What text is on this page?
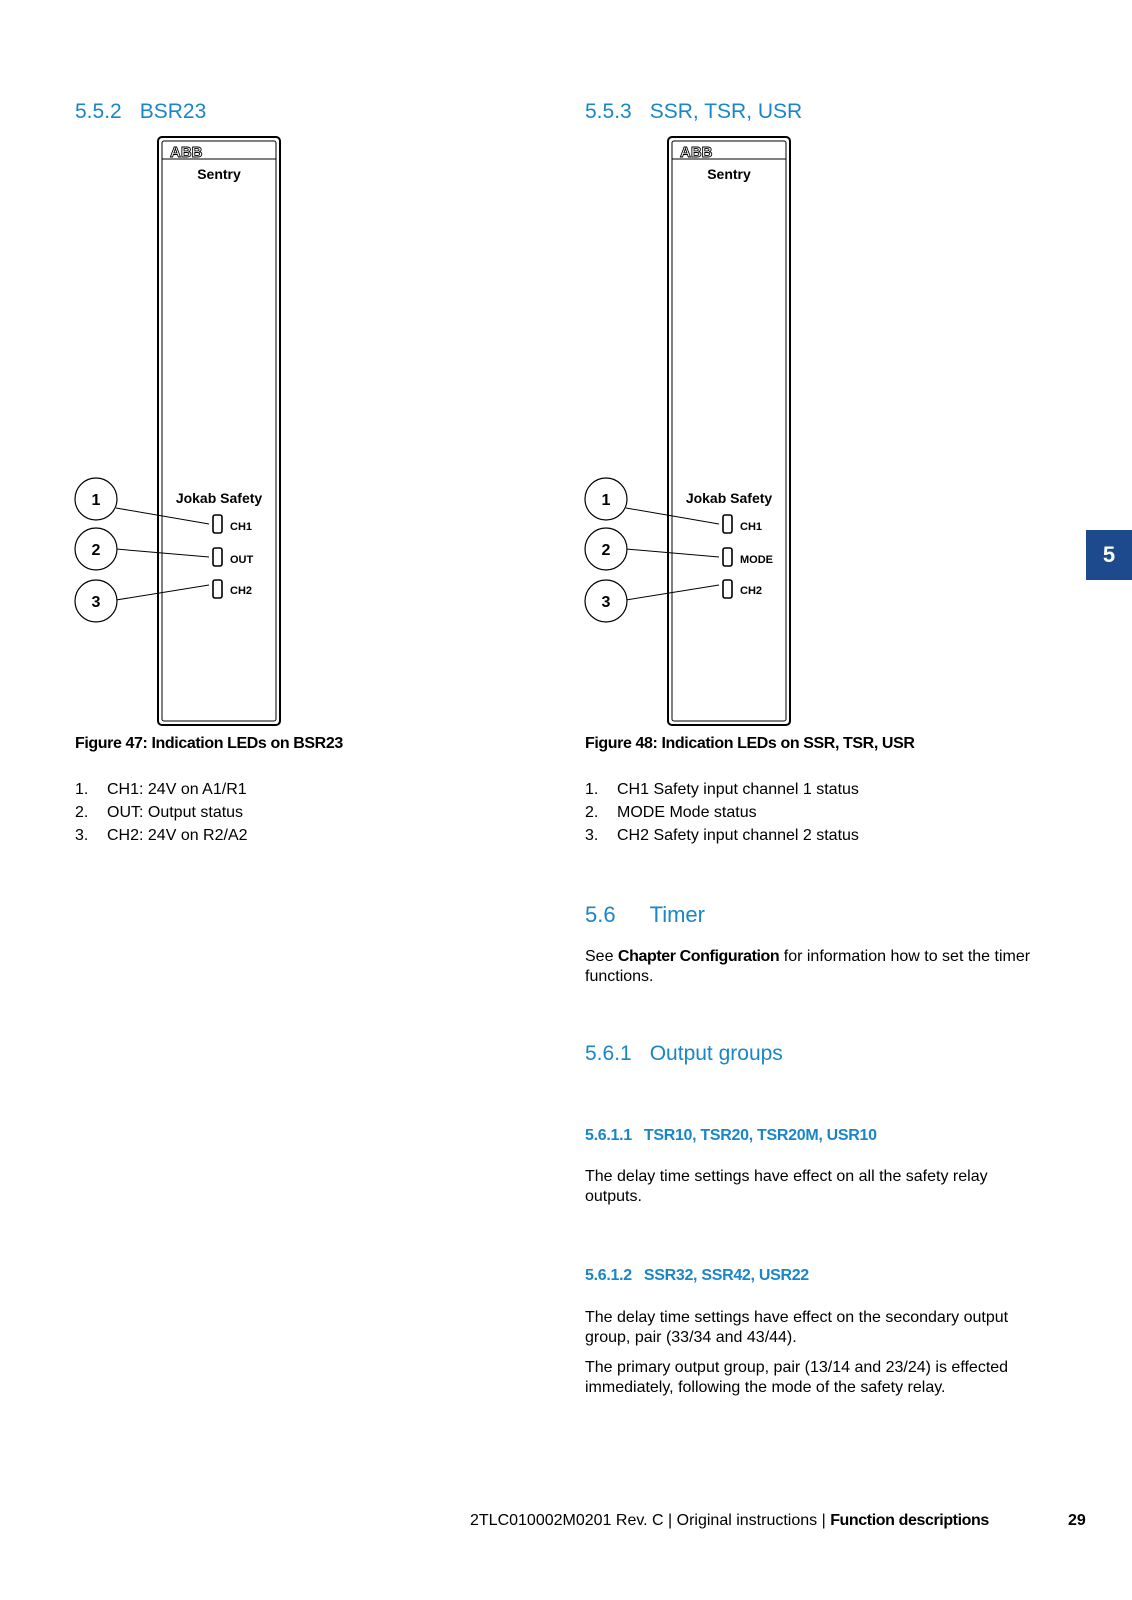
5.5.2 BSR23
ABB
Sentry
Jokab Safety
CH1
OUT
CH2
1
2
3
Figure 47: Indication LEDs on BSR23
1. CH1: 24V on A1/R1
2. OUT: Output status
3. CH2: 24V on R2/A2
5.5.3 SSR, TSR, USR
ABB
Sentry
Jokab Safety
CH1
MODE
CH2
1
2
3
Figure 48: Indication LEDs on SSR, TSR, USR
1. CH1 Safety input channel 1 status
2. MODE Mode status
3. CH2 Safety input channel 2 status
5.6 Timer
See Chapter Configuration for information how to set the timer functions.
5.6.1 Output groups
5.6.1.1 TSR10, TSR20, TSR20M, USR10
The delay time settings have effect on all the safety relay outputs.
5.6.1.2 SSR32, SSR42, USR22
The delay time settings have effect on the secondary output group, pair (33/34 and 43/44).
The primary output group, pair (13/14 and 23/24) is effected immediately, following the mode of the safety relay.
5
2TLC010002M0201 Rev. C | Original instructions | Function descriptions	29
